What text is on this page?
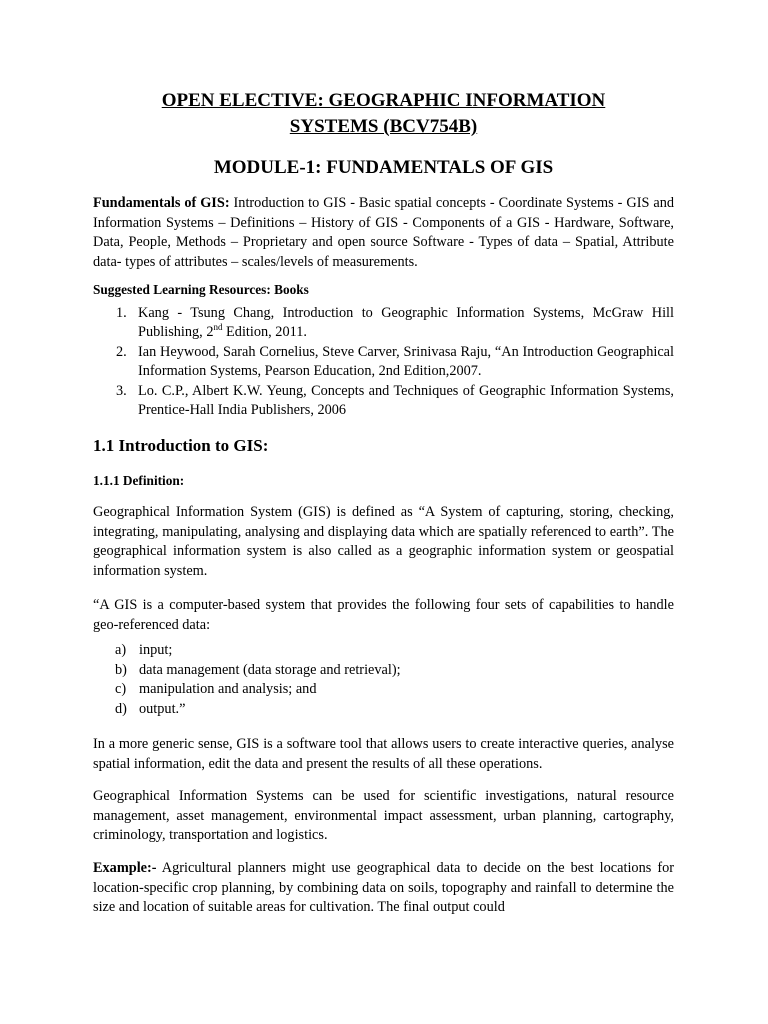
OPEN ELECTIVE: GEOGRAPHIC INFORMATION
SYSTEMS (BCV754B)
MODULE-1: FUNDAMENTALS OF GIS
Fundamentals of GIS: Introduction to GIS - Basic spatial concepts - Coordinate Systems - GIS and Information Systems – Definitions – History of GIS - Components of a GIS - Hardware, Software, Data, People, Methods – Proprietary and open source Software - Types of data – Spatial, Attribute data- types of attributes – scales/levels of measurements.
Suggested Learning Resources: Books
1. Kang - Tsung Chang, Introduction to Geographic Information Systems, McGraw Hill Publishing, 2nd Edition, 2011.
2. Ian Heywood, Sarah Cornelius, Steve Carver, Srinivasa Raju, “An Introduction Geographical Information Systems, Pearson Education, 2nd Edition,2007.
3. Lo. C.P., Albert K.W. Yeung, Concepts and Techniques of Geographic Information Systems, Prentice-Hall India Publishers, 2006
1.1 Introduction to GIS:
1.1.1 Definition:
Geographical Information System (GIS) is defined as “A System of capturing, storing, checking, integrating, manipulating, analysing and displaying data which are spatially referenced to earth”. The geographical information system is also called as a geographic information system or geospatial information system.
“A GIS is a computer-based system that provides the following four sets of capabilities to handle geo-referenced data:
a) input;
b) data management (data storage and retrieval);
c) manipulation and analysis; and
d) output.”
In a more generic sense, GIS is a software tool that allows users to create interactive queries, analyse spatial information, edit the data and present the results of all these operations.
Geographical Information Systems can be used for scientific investigations, natural resource management, asset management, environmental impact assessment, urban planning, cartography, criminology, transportation and logistics.
Example:- Agricultural planners might use geographical data to decide on the best locations for location-specific crop planning, by combining data on soils, topography and rainfall to determine the size and location of suitable areas for cultivation. The final output could
